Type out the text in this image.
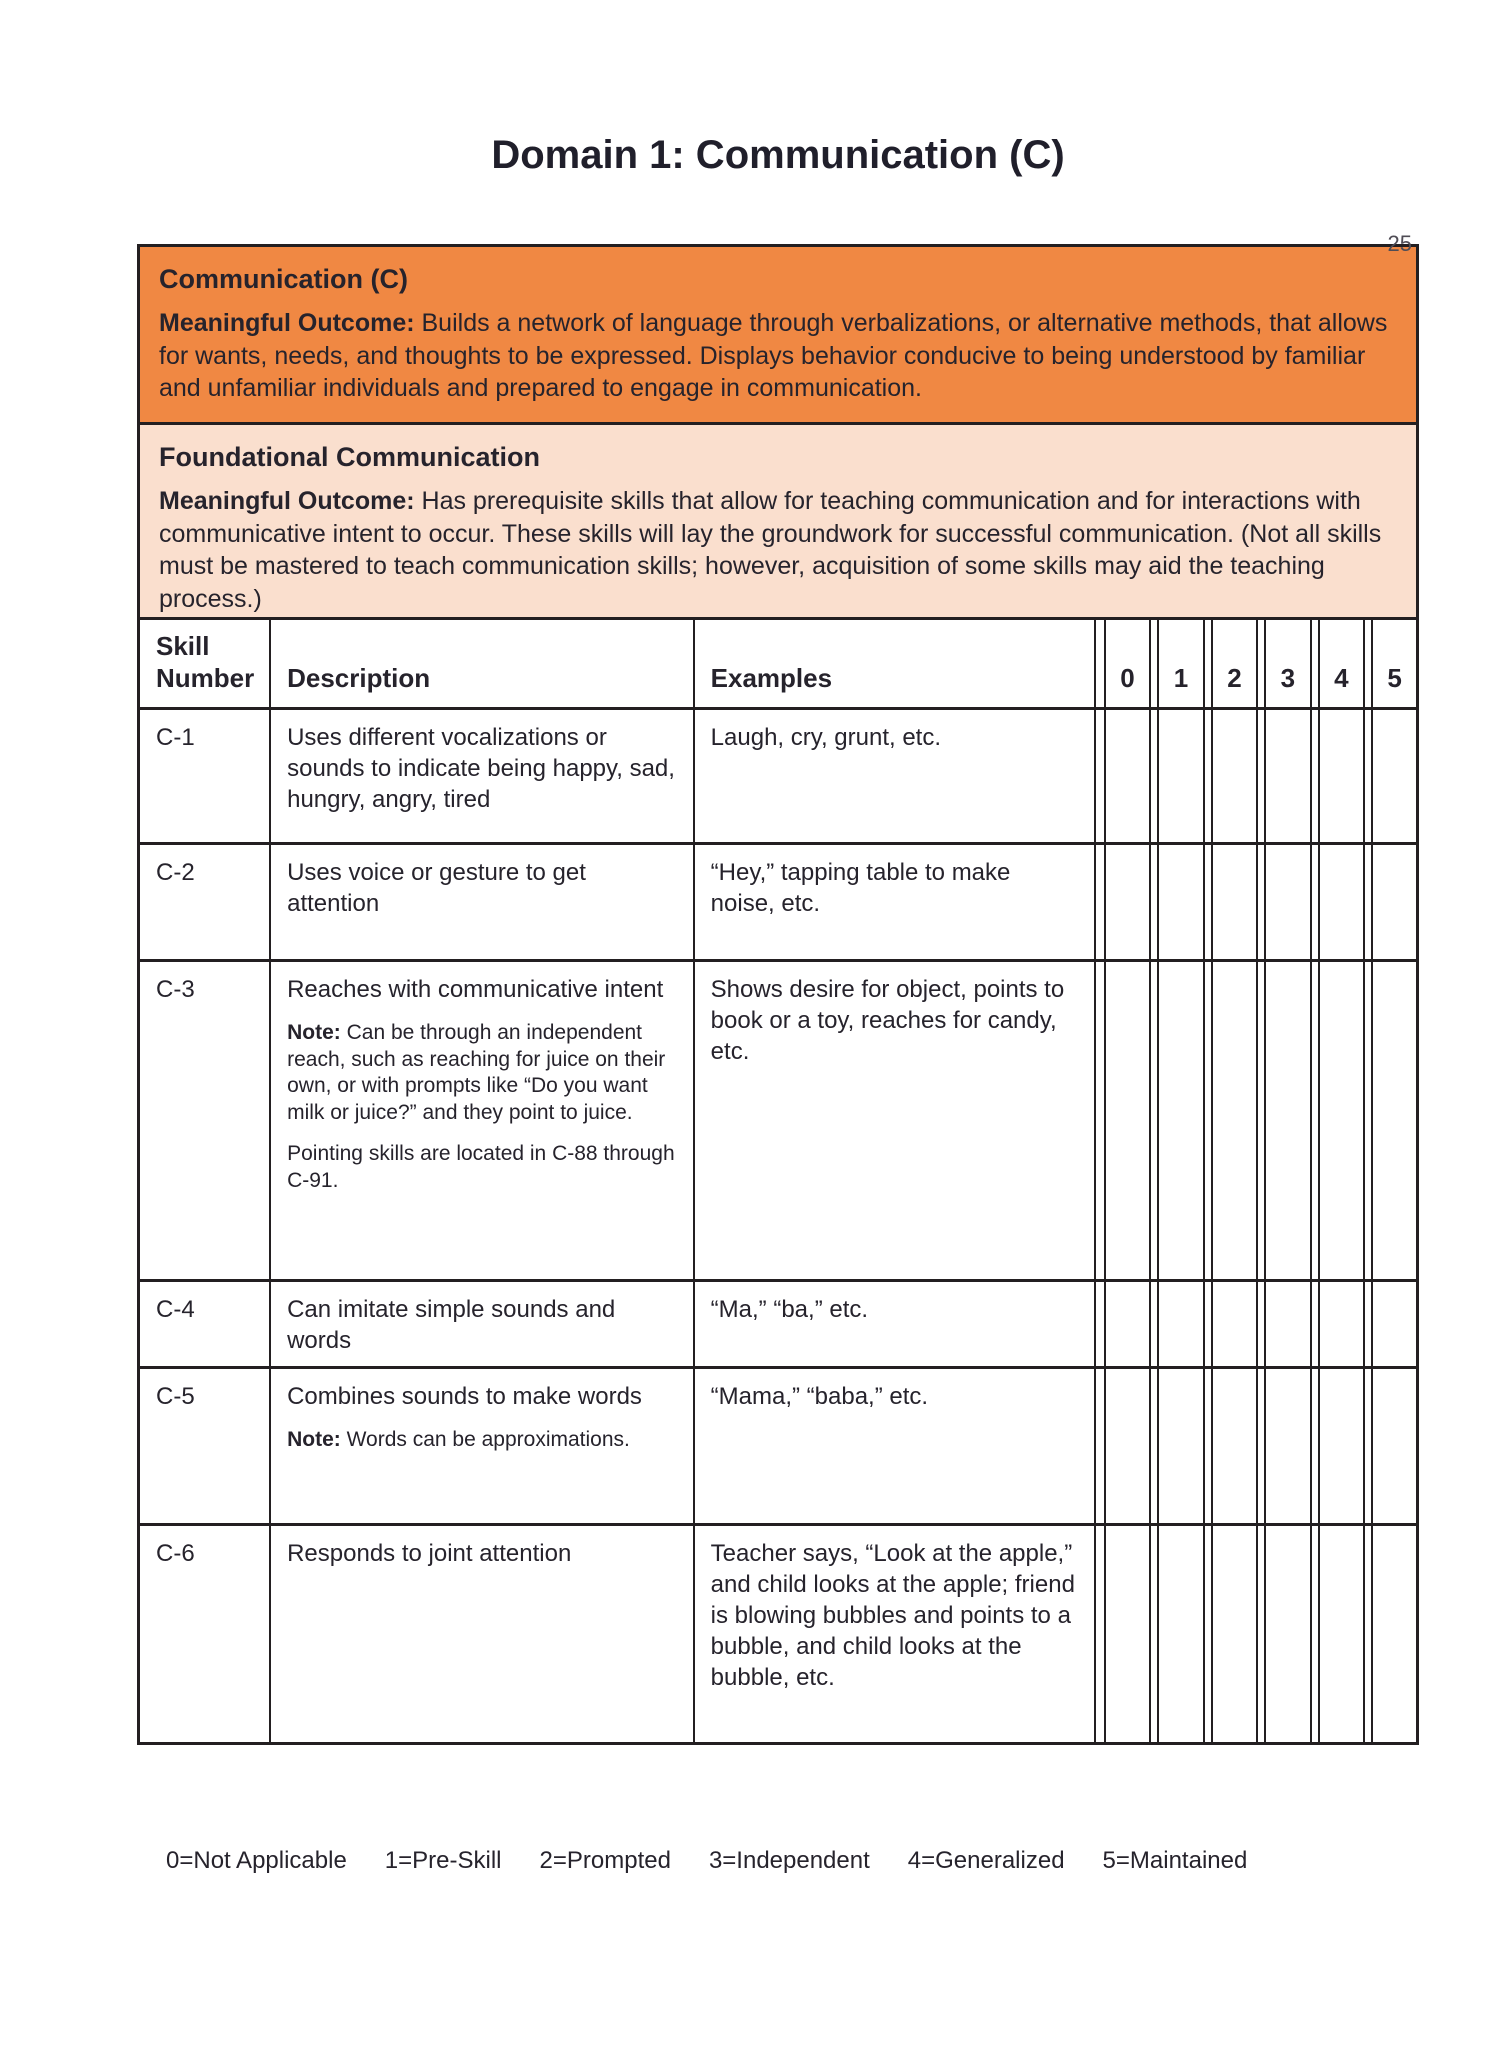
25
Domain 1: Communication (C)
Communication (C)

Meaningful Outcome: Builds a network of language through verbalizations, or alternative methods, that allows for wants, needs, and thoughts to be expressed. Displays behavior conducive to being understood by familiar and unfamiliar individuals and prepared to engage in communication.

Foundational Communication

Meaningful Outcome: Has prerequisite skills that allow for teaching communication and for interactions with communicative intent to occur. These skills will lay the groundwork for successful communication. (Not all skills must be mastered to teach communication skills; however, acquisition of some skills may aid the teaching process.)

Skill Number	Description	Examples		0		1		2		3		4		5
C-1	Uses different vocalizations or sounds to indicate being happy, sad, hungry, angry, tired	Laugh, cry, grunt, etc.												

C-2	Uses voice or gesture to get attention	“Hey,” tapping table to make noise, etc.												

C-3	Reaches with communicative intent

Note: Can be through an independent reach, such as reaching for juice on their own, or with prompts like “Do you want milk or juice?” and they point to juice.

Pointing skills are located in C-88 through C-91.	Shows desire for object, points to book or a toy, reaches for candy, etc.												

C-4	Can imitate simple sounds and words	“Ma,” “ba,” etc.												

C-5	Combines sounds to make words

Note: Words can be approximations.	“Mama,” “baba,” etc.												

C-6	Responds to joint attention	Teacher says, “Look at the apple,” and child looks at the apple; friend is blowing bubbles and points to a bubble, and child looks at the bubble, etc.												

0=Not Applicable 1=Pre-Skill 2=Prompted 3=Independent 4=Generalized 5=Maintained
